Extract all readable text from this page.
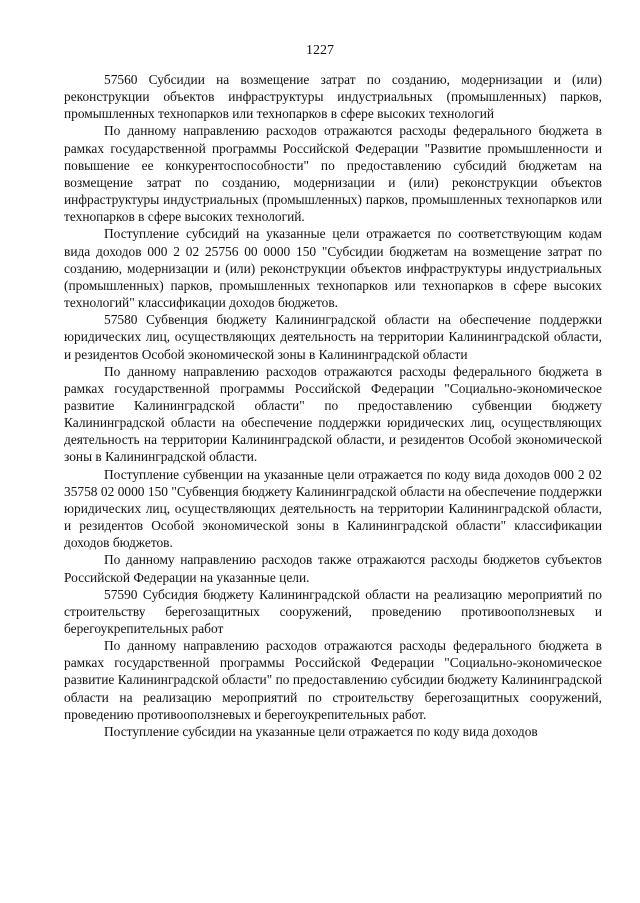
1227

57560 Субсидии на возмещение затрат по созданию, модернизации и (или) реконструкции объектов инфраструктуры индустриальных (промышленных) парков, промышленных технопарков или технопарков в сфере высоких технологий

По данному направлению расходов отражаются расходы федерального бюджета в рамках государственной программы Российской Федерации "Развитие промышленности и повышение ее конкурентоспособности" по предоставлению субсидий бюджетам на возмещение затрат по созданию, модернизации и (или) реконструкции объектов инфраструктуры индустриальных (промышленных) парков, промышленных технопарков или технопарков в сфере высоких технологий.

Поступление субсидий на указанные цели отражается по соответствующим кодам вида доходов 000 2 02 25756 00 0000 150 "Субсидии бюджетам на возмещение затрат по созданию, модернизации и (или) реконструкции объектов инфраструктуры индустриальных (промышленных) парков, промышленных технопарков или технопарков в сфере высоких технологий" классификации доходов бюджетов.

57580 Субвенция бюджету Калининградской области на обеспечение поддержки юридических лиц, осуществляющих деятельность на территории Калининградской области, и резидентов Особой экономической зоны в Калининградской области

По данному направлению расходов отражаются расходы федерального бюджета в рамках государственной программы Российской Федерации "Социально-экономическое развитие Калининградской области" по предоставлению субвенции бюджету Калининградской области на обеспечение поддержки юридических лиц, осуществляющих деятельность на территории Калининградской области, и резидентов Особой экономической зоны в Калининградской области.

Поступление субвенции на указанные цели отражается по коду вида доходов 000 2 02 35758 02 0000 150 "Субвенция бюджету Калининградской области на обеспечение поддержки юридических лиц, осуществляющих деятельность на территории Калининградской области, и резидентов Особой экономической зоны в Калининградской области" классификации доходов бюджетов.

По данному направлению расходов также отражаются расходы бюджетов субъектов Российской Федерации на указанные цели.

57590 Субсидия бюджету Калининградской области на реализацию мероприятий по строительству берегозащитных сооружений, проведению противооползневых и берегоукрепительных работ

По данному направлению расходов отражаются расходы федерального бюджета в рамках государственной программы Российской Федерации "Социально-экономическое развитие Калининградской области" по предоставлению субсидии бюджету Калининградской области на реализацию мероприятий по строительству берегозащитных сооружений, проведению противооползневых и берегоукрепительных работ.

Поступление субсидии на указанные цели отражается по коду вида доходов
